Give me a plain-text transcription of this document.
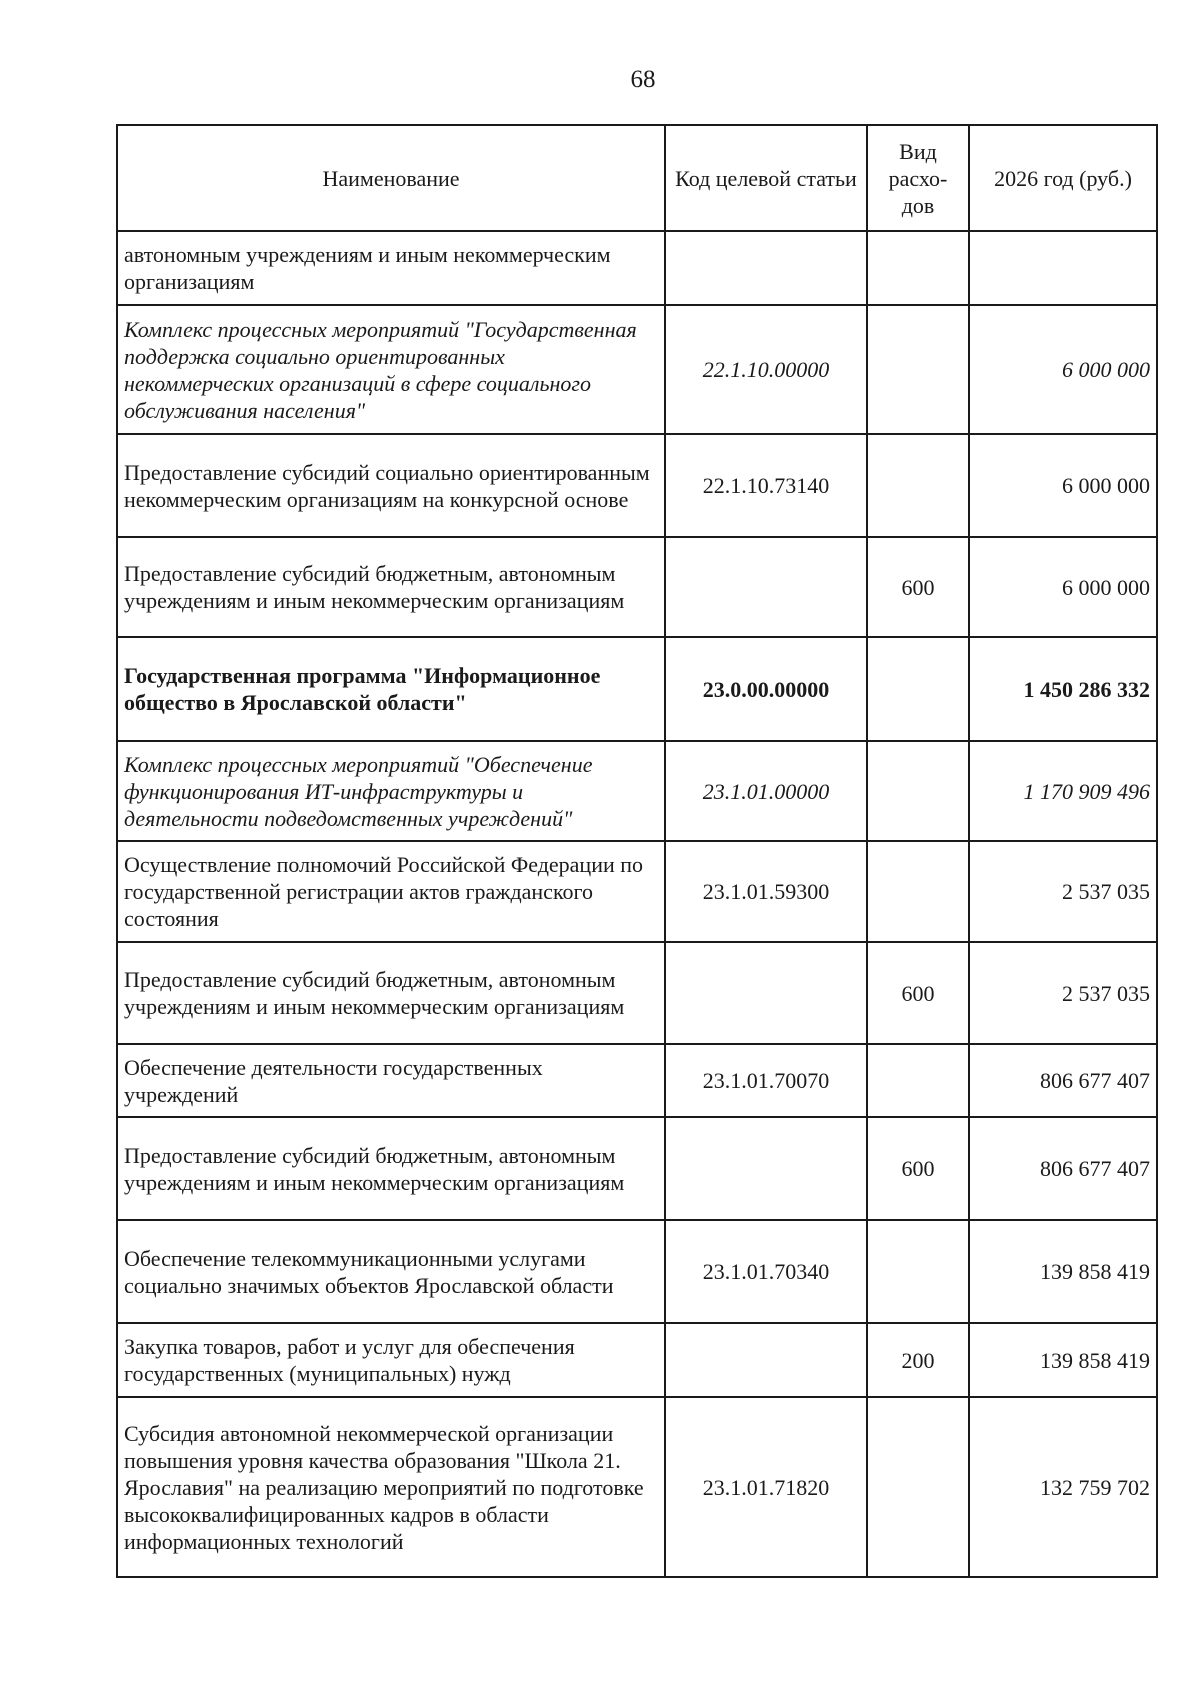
68
Наименование	Код целевой статьи	Вид расхо- дов	2026 год (руб.)
автономным учреждениям и иным некоммерческим организациям			
Комплекс процессных мероприятий "Государственная поддержка социально ориентированных некоммерческих организаций в сфере социального обслуживания населения"	22.1.10.00000		6 000 000
Предоставление субсидий социально ориентированным некоммерческим организациям на конкурсной основе	22.1.10.73140		6 000 000
Предоставление субсидий бюджетным, автономным учреждениям и иным некоммерческим организациям		600	6 000 000
Государственная программа "Информационное общество в Ярославской области"	23.0.00.00000		1 450 286 332
Комплекс процессных мероприятий "Обеспечение функционирования ИТ-инфраструктуры и деятельности подведомственных учреждений"	23.1.01.00000		1 170 909 496
Осуществление полномочий Российской Федерации по государственной регистрации актов гражданского состояния	23.1.01.59300		2 537 035
Предоставление субсидий бюджетным, автономным учреждениям и иным некоммерческим организациям		600	2 537 035
Обеспечение деятельности государственных учреждений	23.1.01.70070		806 677 407
Предоставление субсидий бюджетным, автономным учреждениям и иным некоммерческим организациям		600	806 677 407
Обеспечение телекоммуникационными услугами социально значимых объектов Ярославской области	23.1.01.70340		139 858 419
Закупка товаров, работ и услуг для обеспечения государственных (муниципальных) нужд		200	139 858 419
Субсидия автономной некоммерческой организации повышения уровня качества образования "Школа 21. Ярославия" на реализацию мероприятий по подготовке высококвалифицированных кадров в области информационных технологий	23.1.01.71820		132 759 702
